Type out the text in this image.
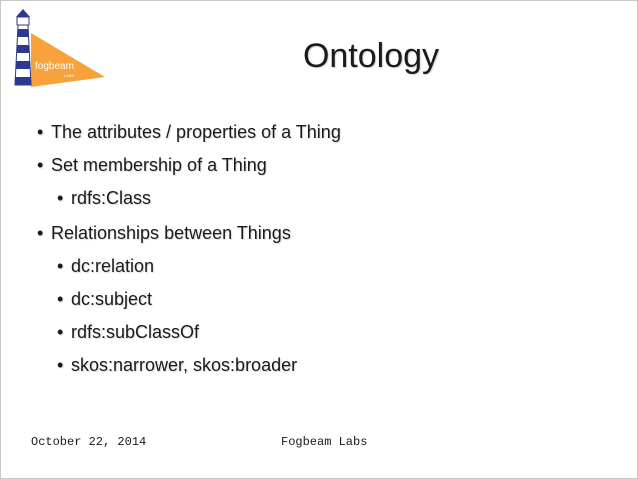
fogbeam
LABS
Ontology
• The attributes / properties of a Thing
• Set membership of a Thing
• rdfs:Class
• Relationships between Things
• dc:relation
• dc:subject
• rdfs:subClassOf
• skos:narrower, skos:broader
October 22, 2014	Fogbeam Labs
